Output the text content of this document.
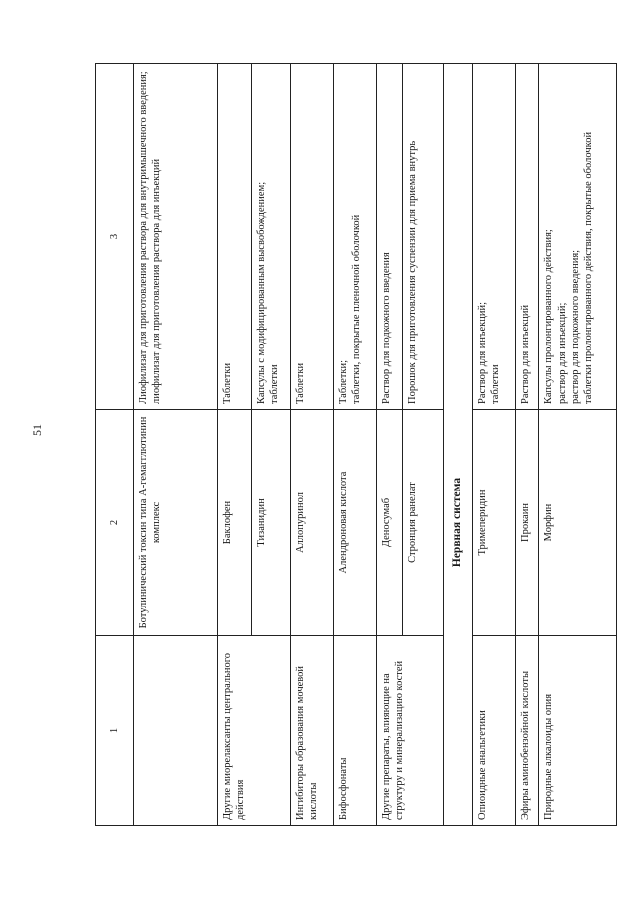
51
1	2	3
	Ботулинический токсин типа A-гемагглютинин комплекс	Лиофилизат для приготовления раствора для внутримышечного введения; лиофилизат для приготовления раствора для инъекций

Другие миорелаксанты центрального действия	Баклофен	Таблетки

	Тизанидин	Капсулы с модифицированным высвобождением; таблетки

Ингибиторы образования мочевой кислоты	Аллопуринол	Таблетки

Бифосфонаты	Алендроновая кислота	Таблетки; таблетки, покрытые пленочной оболочкой

Другие препараты, влияющие на структуру и минерализацию костей	Деносумаб	Раствор для подкожного введения

	Стронция ранелат	Порошок для приготовления суспензии для приема внутрь

	Нервная система	
Опиоидные анальгетики	Тримеперидин	Раствор для инъекций; таблетки

Эфиры аминобензойной кислоты	Прокаин	Раствор для инъекций

Природные алкалоиды опия	Морфин	Капсулы пролонгированного действия; раствор для инъекций; раствор для подкожного введения; таблетки пролонгированного действия, покрытые оболочкой
